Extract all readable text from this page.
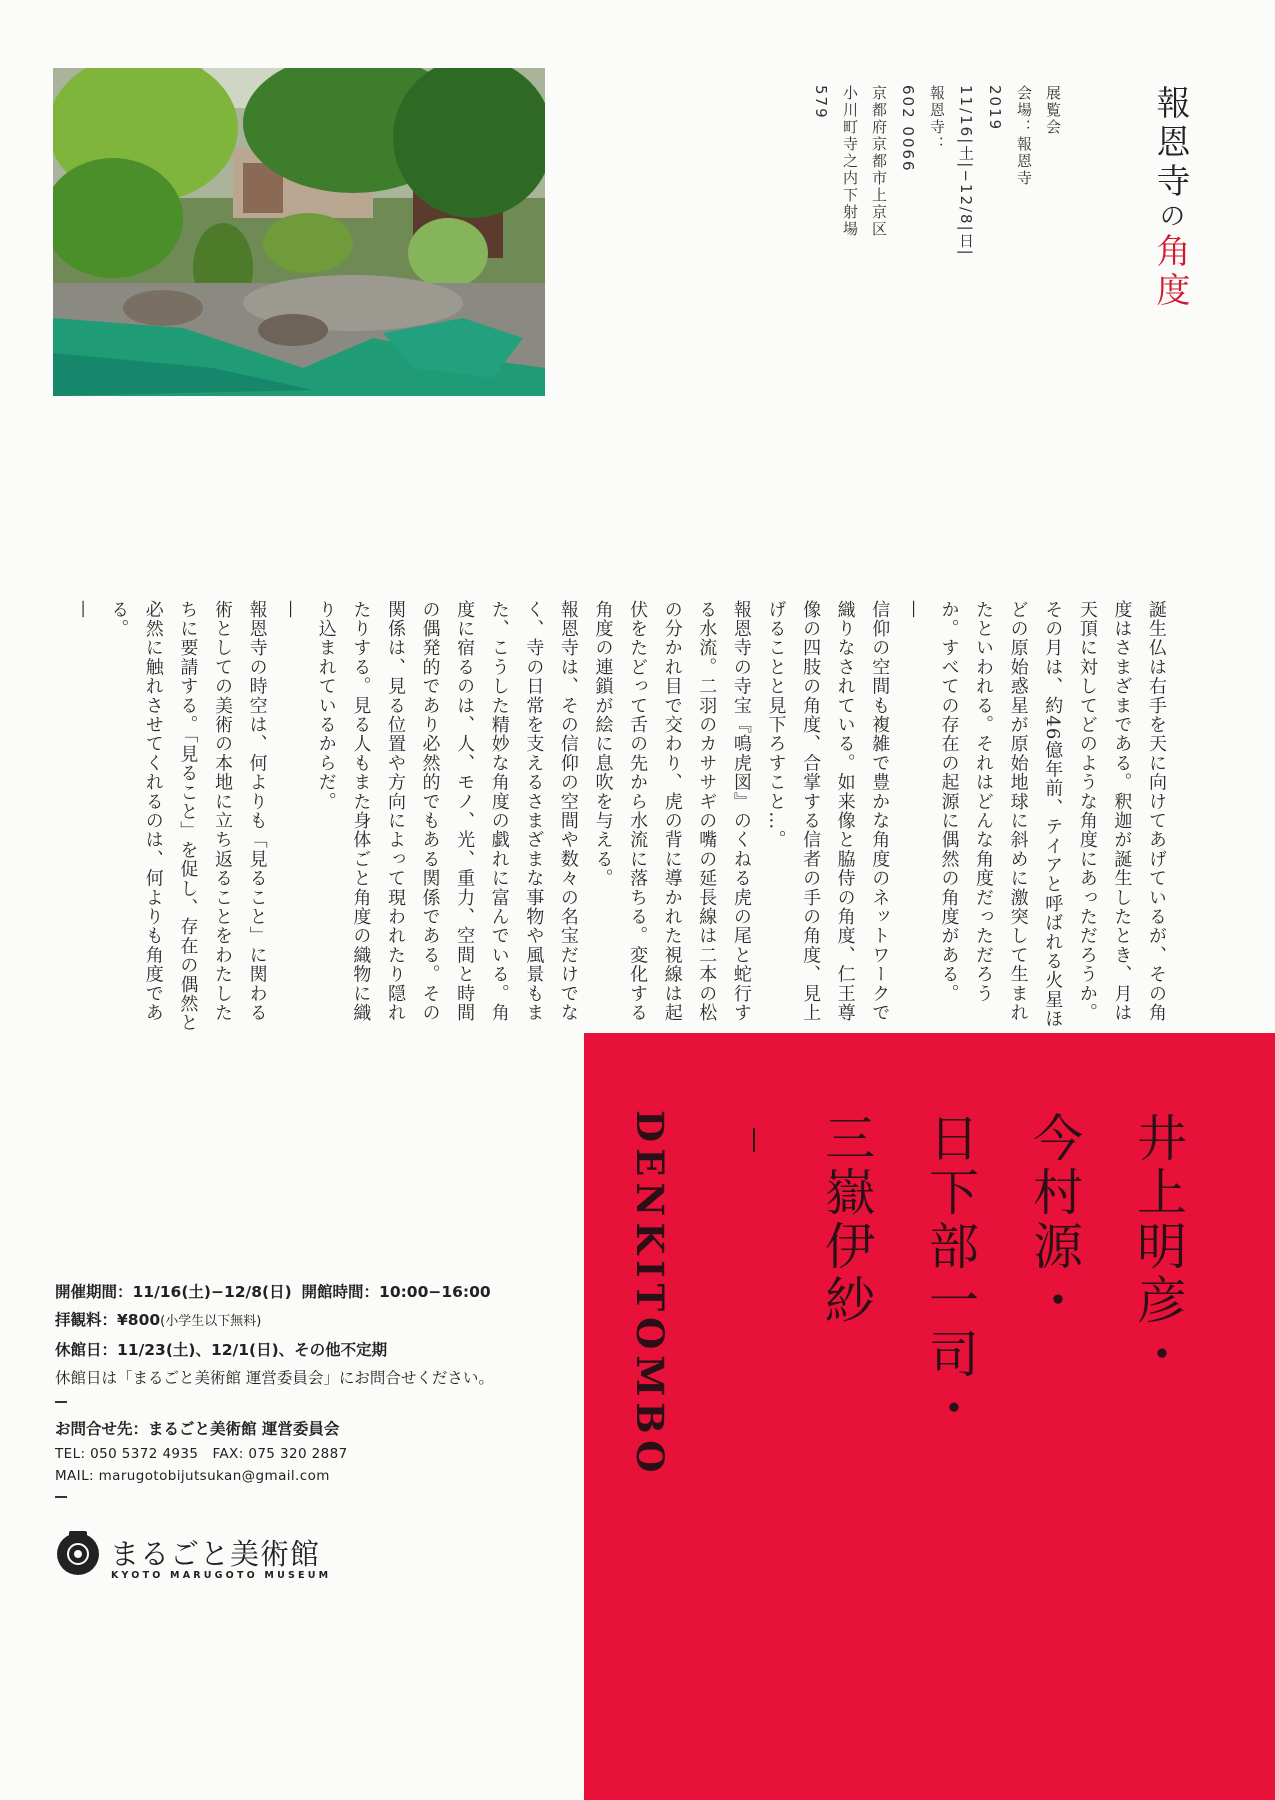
報恩寺の角度
展覧会
会場：報恩寺
2019
11/16|土|−12/8|日|
報恩寺：
602 0066
京都府京都市上京区
小川町寺之内下射場
579

誕生仏は右手を天に向けてあげているが、その角度はさまざまである。釈迦が誕生したとき、月は天頂に対してどのような角度にあっただろうか。その月は、約46億年前、テイアと呼ばれる火星ほどの原始惑星が原始地球に斜めに激突して生まれたといわれる。それはどんな角度だっただろうか。すべての存在の起源に偶然の角度がある。

—

信仰の空間も複雑で豊かな角度のネットワークで織りなされている。如来像と脇侍の角度、仁王尊像の四肢の角度、合掌する信者の手の角度、見上げることと見下ろすこと…。

報恩寺の寺宝『鳴虎図』のくねる虎の尾と蛇行する水流。二羽のカササギの嘴の延長線は二本の松の分かれ目で交わり、虎の背に導かれた視線は起伏をたどって舌の先から水流に落ちる。変化する角度の連鎖が絵に息吹を与える。

報恩寺は、その信仰の空間や数々の名宝だけでなく、寺の日常を支えるさまざまな事物や風景もまた、こうした精妙な角度の戯れに富んでいる。角度に宿るのは、人、モノ、光、重力、空間と時間の偶発的であり必然的でもある関係である。その関係は、見る位置や方向によって現われたり隠れたりする。見る人もまた身体ごと角度の織物に織り込まれているからだ。

—

報恩寺の時空は、何よりも「見ること」に関わる術としての美術の本地に立ち返ることをわたしたちに要請する。「見ること」を促し、存在の偶然と必然に触れさせてくれるのは、何よりも角度である。

—
井上明彦・
今村源・
日下部一司・
三嶽伊紗
DENKITOMBO
開催期間：11/16(土)−12/8(日) 開館時間：10:00−16:00
拝観料：¥800(小学生以下無料)
休館日：11/23(土)、12/1(日)、その他不定期
休館日は「まるごと美術館 運営委員会」にお問合せください。
お問合せ先：まるごと美術館 運営委員会
TEL: 050 5372 4935 FAX: 075 320 2887
MAIL: marugotobijutsukan@gmail.com
まるごと美術館
KYOTO MARUGOTO MUSEUM
